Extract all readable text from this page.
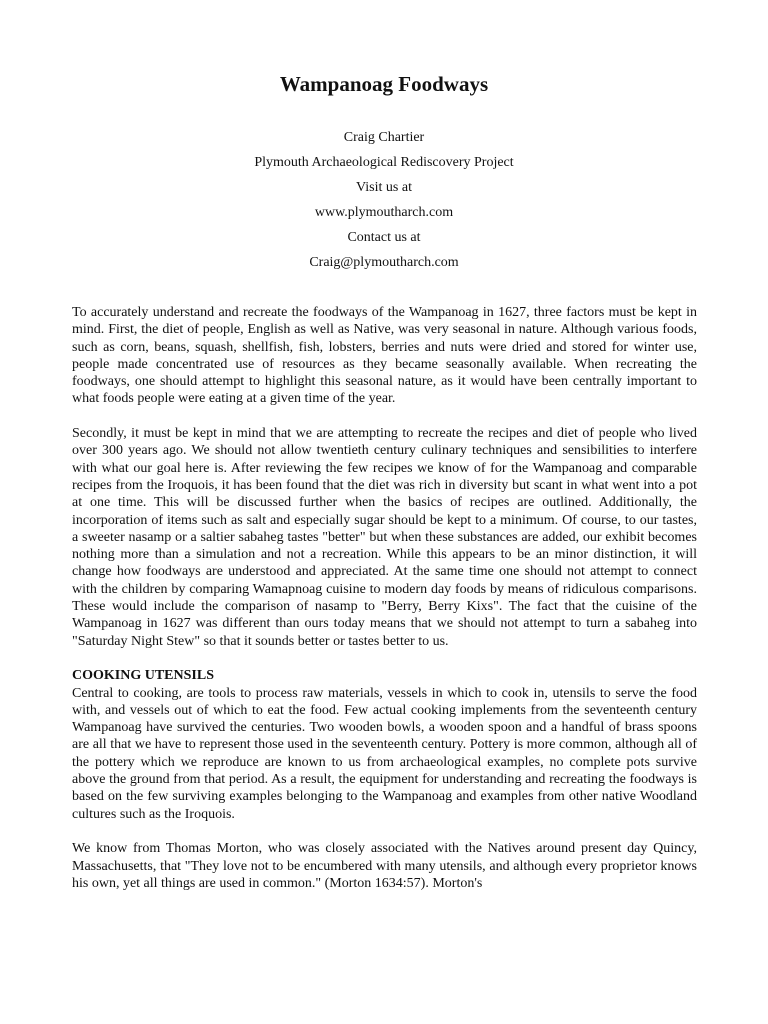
Wampanoag Foodways
Craig Chartier
Plymouth Archaeological Rediscovery Project
Visit us at
www.plymoutharch.com
Contact us at
Craig@plymoutharch.com

To accurately understand and recreate the foodways of the Wampanoag in 1627, three factors must be kept in mind. First, the diet of people, English as well as Native, was very seasonal in nature. Although various foods, such as corn, beans, squash, shellfish, fish, lobsters, berries and nuts were dried and stored for winter use, people made concentrated use of resources as they became seasonally available. When recreating the foodways, one should attempt to highlight this seasonal nature, as it would have been centrally important to what foods people were eating at a given time of the year.

Secondly, it must be kept in mind that we are attempting to recreate the recipes and diet of people who lived over 300 years ago. We should not allow twentieth century culinary techniques and sensibilities to interfere with what our goal here is. After reviewing the few recipes we know of for the Wampanoag and comparable recipes from the Iroquois, it has been found that the diet was rich in diversity but scant in what went into a pot at one time. This will be discussed further when the basics of recipes are outlined. Additionally, the incorporation of items such as salt and especially sugar should be kept to a minimum. Of course, to our tastes, a sweeter nasamp or a saltier sabaheg tastes "better" but when these substances are added, our exhibit becomes nothing more than a simulation and not a recreation. While this appears to be an minor distinction, it will change how foodways are understood and appreciated. At the same time one should not attempt to connect with the children by comparing Wamapnoag cuisine to modern day foods by means of ridiculous comparisons. These would include the comparison of nasamp to "Berry, Berry Kixs". The fact that the cuisine of the Wampanoag in 1627 was different than ours today means that we should not attempt to turn a sabaheg into "Saturday Night Stew" so that it sounds better or tastes better to us.

COOKING UTENSILS
Central to cooking, are tools to process raw materials, vessels in which to cook in, utensils to serve the food with, and vessels out of which to eat the food. Few actual cooking implements from the seventeenth century Wampanoag have survived the centuries. Two wooden bowls, a wooden spoon and a handful of brass spoons are all that we have to represent those used in the seventeenth century. Pottery is more common, although all of the pottery which we reproduce are known to us from archaeological examples, no complete pots survive above the ground from that period. As a result, the equipment for understanding and recreating the foodways is based on the few surviving examples belonging to the Wampanoag and examples from other native Woodland cultures such as the Iroquois.

We know from Thomas Morton, who was closely associated with the Natives around present day Quincy, Massachusetts, that "They love not to be encumbered with many utensils, and although every proprietor knows his own, yet all things are used in common." (Morton 1634:57). Morton's
